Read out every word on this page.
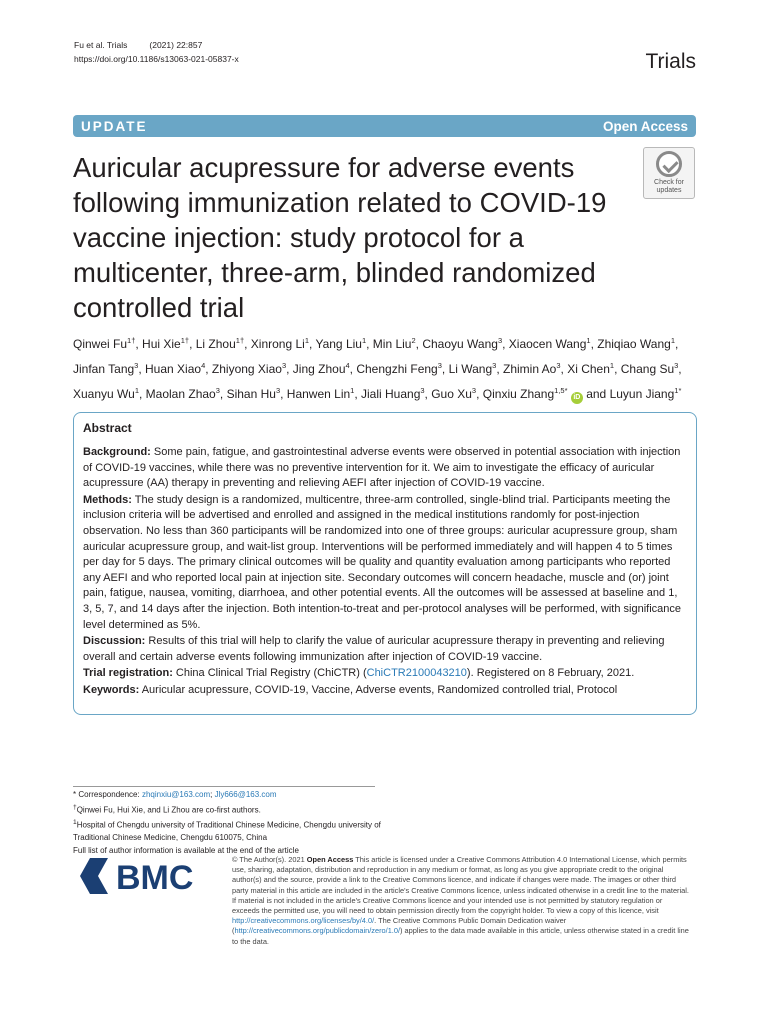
Fu et al. Trials	(2021) 22:857
https://doi.org/10.1186/s13063-021-05837-x	Trials
UPDATE	Open Access
Auricular acupressure for adverse events following immunization related to COVID-19 vaccine injection: study protocol for a multicenter, three-arm, blinded randomized controlled trial
Check for
updates
Qinwei $Fu^{1\dagger}$, Hui Xie$^{1\dagger}$, Li Zhou$^{1\dagger}$, Xinrong Li$^1$, Yang Liu$^1$, Min Liu$^2$, Chaoyu Wang$^3$, Xiaocen Wang$^1$, Zhiqiao Wang$^1$, Jinfan Tang$^3$, Huan Xiao$^4$, Zhiyong Xiao$^3$, Jing Zhou$^4$, Chengzhi Feng$^3$, Li Wang$^3$, Zhimin Ao$^3$, Xi Chen$^1$, Chang Su$^3$, Xuanyu Wu$^1$, Maolan Zhao$^3$, Sihan Hu$^3$, Hanwen Lin$^1$, Jiali Huang$^3$, Guo Xu$^3$, Qinxiu Zhang$^{1,5*}$ iD and Luyun Jiang$^{1*}$
Abstract

Background: Some pain, fatigue, and gastrointestinal adverse events were observed in potential association with injection of COVID-19 vaccines, while there was no preventive intervention for it. We aim to investigate the efficacy of auricular acupressure (AA) therapy in preventing and relieving AEFI after injection of COVID-19 vaccine.

Methods: The study design is a randomized, multicentre, three-arm controlled, single-blind trial. Participants meeting the inclusion criteria will be advertised and enrolled and assigned in the medical institutions randomly for post-injection observation. No less than 360 participants will be randomized into one of three groups: auricular acupressure group, sham auricular acupressure group, and wait-list group. Interventions will be performed immediately and will happen 4 to 5 times per day for 5 days. The primary clinical outcomes will be quality and quantity evaluation among participants who reported any AEFI and who reported local pain at injection site. Secondary outcomes will concern headache, muscle and (or) joint pain, fatigue, nausea, vomiting, diarrhoea, and other potential events. All the outcomes will be assessed at baseline and 1, 3, 5, 7, and 14 days after the injection. Both intention-to-treat and per-protocol analyses will be performed, with significance level determined as 5%.

Discussion: Results of this trial will help to clarify the value of auricular acupressure therapy in preventing and relieving overall and certain adverse events following immunization after injection of COVID-19 vaccine.

Trial registration: China Clinical Trial Registry (ChiCTR) (ChiCTR2100043210). Registered on 8 February, 2021.

Keywords: Auricular acupressure, COVID-19, Vaccine, Adverse events, Randomized controlled trial, Protocol

* Correspondence: zhqinxiu@163.com; Jly666@163.com
†Qinwei Fu, Hui Xie, and Li Zhou are co-first authors.
$^1$Hospital of Chengdu university of Traditional Chinese Medicine, Chengdu university of Traditional Chinese Medicine, Chengdu 610075, China
Full list of author information is available at the end of the article
BMC	© The Author(s). 2021 Open Access This article is licensed under a Creative Commons Attribution 4.0 International License, which permits use, sharing, adaptation, distribution and reproduction in any medium or format, as long as you give appropriate credit to the original author(s) and the source, provide a link to the Creative Commons licence, and indicate if changes were made. The images or other third party material in this article are included in the article's Creative Commons licence, unless indicated otherwise in a credit line to the material. If material is not included in the article's Creative Commons licence and your intended use is not permitted by statutory regulation or exceeds the permitted use, you will need to obtain permission directly from the copyright holder. To view a copy of this licence, visit http://creativecommons.org/licenses/by/4.0/. The Creative Commons Public Domain Dedication waiver (http://creativecommons.org/publicdomain/zero/1.0/) applies to the data made available in this article, unless otherwise stated in a credit line to the data.
